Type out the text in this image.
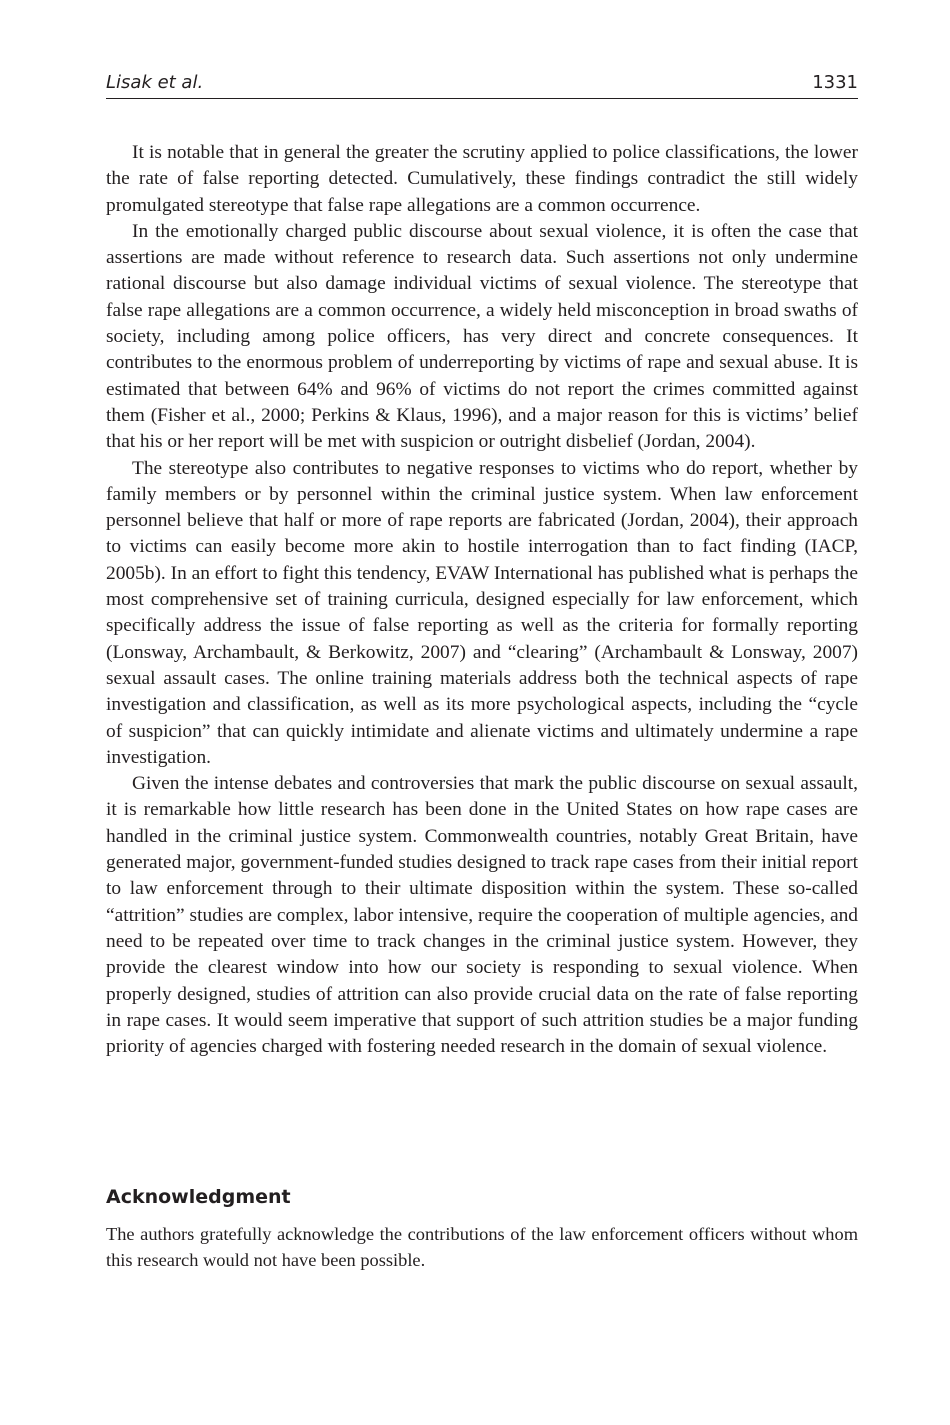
Lisak et al.	1331

It is notable that in general the greater the scrutiny applied to police classifications, the lower the rate of false reporting detected. Cumulatively, these findings contradict the still widely promulgated stereotype that false rape allegations are a common occurrence.

In the emotionally charged public discourse about sexual violence, it is often the case that assertions are made without reference to research data. Such assertions not only undermine rational discourse but also damage individual victims of sexual violence. The stereotype that false rape allegations are a common occurrence, a widely held misconception in broad swaths of society, including among police officers, has very direct and concrete consequences. It contributes to the enormous problem of underreporting by victims of rape and sexual abuse. It is estimated that between 64% and 96% of victims do not report the crimes committed against them (Fisher et al., 2000; Perkins & Klaus, 1996), and a major reason for this is victims’ belief that his or her report will be met with suspicion or outright disbelief (Jordan, 2004).

The stereotype also contributes to negative responses to victims who do report, whether by family members or by personnel within the criminal justice system. When law enforcement personnel believe that half or more of rape reports are fabricated (Jordan, 2004), their approach to victims can easily become more akin to hostile interrogation than to fact finding (IACP, 2005b). In an effort to fight this tendency, EVAW International has published what is perhaps the most comprehensive set of training curricula, designed especially for law enforcement, which specifically address the issue of false reporting as well as the criteria for formally reporting (Lonsway, Archambault, & Berkowitz, 2007) and “clearing” (Archambault & Lonsway, 2007) sexual assault cases. The online training materials address both the technical aspects of rape investigation and classification, as well as its more psychological aspects, including the “cycle of suspicion” that can quickly intimidate and alienate victims and ultimately undermine a rape investigation.

Given the intense debates and controversies that mark the public discourse on sexual assault, it is remarkable how little research has been done in the United States on how rape cases are handled in the criminal justice system. Commonwealth countries, notably Great Britain, have generated major, government-funded studies designed to track rape cases from their initial report to law enforcement through to their ultimate disposition within the system. These so-called “attrition” studies are complex, labor intensive, require the cooperation of multiple agencies, and need to be repeated over time to track changes in the criminal justice system. However, they provide the clearest window into how our society is responding to sexual violence. When properly designed, studies of attrition can also provide crucial data on the rate of false reporting in rape cases. It would seem imperative that support of such attrition studies be a major funding priority of agencies charged with fostering needed research in the domain of sexual violence.

Acknowledgment

The authors gratefully acknowledge the contributions of the law enforcement officers without whom this research would not have been possible.
